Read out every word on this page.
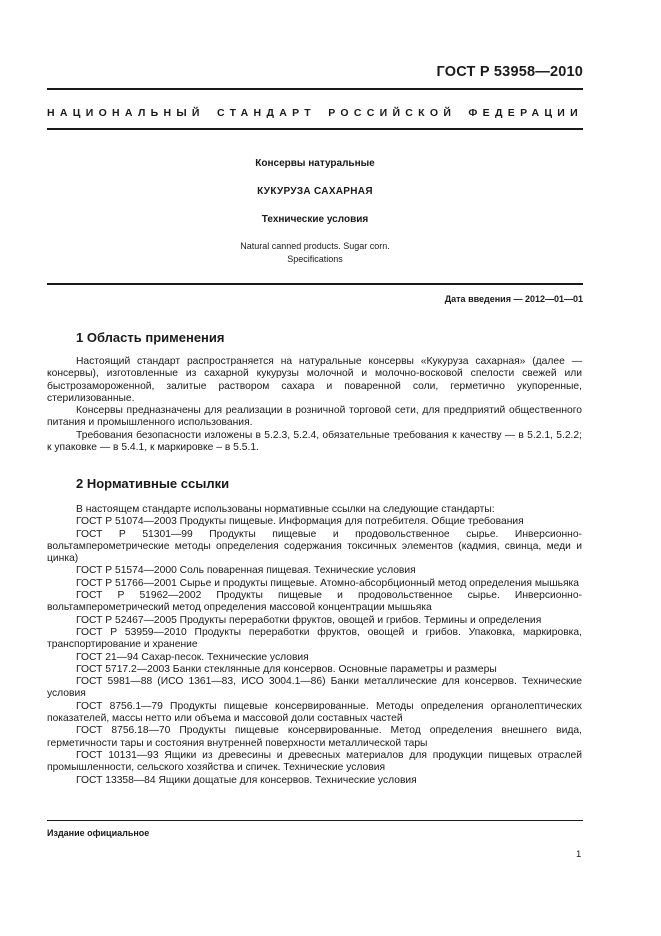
ГОСТ Р 53958—2010
НАЦИОНАЛЬНЫЙ СТАНДАРТ РОССИЙСКОЙ ФЕДЕРАЦИИ
Консервы натуральные
КУКУРУЗА САХАРНАЯ
Технические условия
Natural canned products. Sugar corn.
Specifications
Дата введения — 2012—01—01
1 Область применения

Настоящий стандарт распространяется на натуральные консервы «Кукуруза сахарная» (далее — консервы), изготовленные из сахарной кукурузы молочной и молочно-восковой спелости свежей или быстрозамороженной, залитые раствором сахара и поваренной соли, герметично укупоренные, стерилизованные.

Консервы предназначены для реализации в розничной торговой сети, для предприятий общественного питания и промышленного использования.

Требования безопасности изложены в 5.2.3, 5.2.4, обязательные требования к качеству — в 5.2.1, 5.2.2; к упаковке — в 5.4.1, к маркировке – в 5.5.1.

2 Нормативные ссылки

В настоящем стандарте использованы нормативные ссылки на следующие стандарты:

ГОСТ Р 51074—2003 Продукты пищевые. Информация для потребителя. Общие требования

ГОСТ Р 51301—99 Продукты пищевые и продовольственное сырье. Инверсионно-вольтамперометрические методы определения содержания токсичных элементов (кадмия, свинца, меди и цинка)

ГОСТ Р 51574—2000 Соль поваренная пищевая. Технические условия

ГОСТ Р 51766—2001 Сырье и продукты пищевые. Атомно-абсорбционный метод определения мышьяка

ГОСТ Р 51962—2002 Продукты пищевые и продовольственное сырье. Инверсионно-вольтамперометрический метод определения массовой концентрации мышьяка

ГОСТ Р 52467—2005 Продукты переработки фруктов, овощей и грибов. Термины и определения

ГОСТ Р 53959—2010 Продукты переработки фруктов, овощей и грибов. Упаковка, маркировка, транспортирование и хранение

ГОСТ 21—94 Сахар-песок. Технические условия

ГОСТ 5717.2—2003 Банки стеклянные для консервов. Основные параметры и размеры

ГОСТ 5981—88 (ИСО 1361—83, ИСО 3004.1—86) Банки металлические для консервов. Технические условия

ГОСТ 8756.1—79 Продукты пищевые консервированные. Методы определения органолептических показателей, массы нетто или объема и массовой доли составных частей

ГОСТ 8756.18—70 Продукты пищевые консервированные. Метод определения внешнего вида, герметичности тары и состояния внутренней поверхности металлической тары

ГОСТ 10131—93 Ящики из древесины и древесных материалов для продукции пищевых отраслей промышленности, сельского хозяйства и спичек. Технические условия

ГОСТ 13358—84 Ящики дощатые для консервов. Технические условия

Издание официальное
1
